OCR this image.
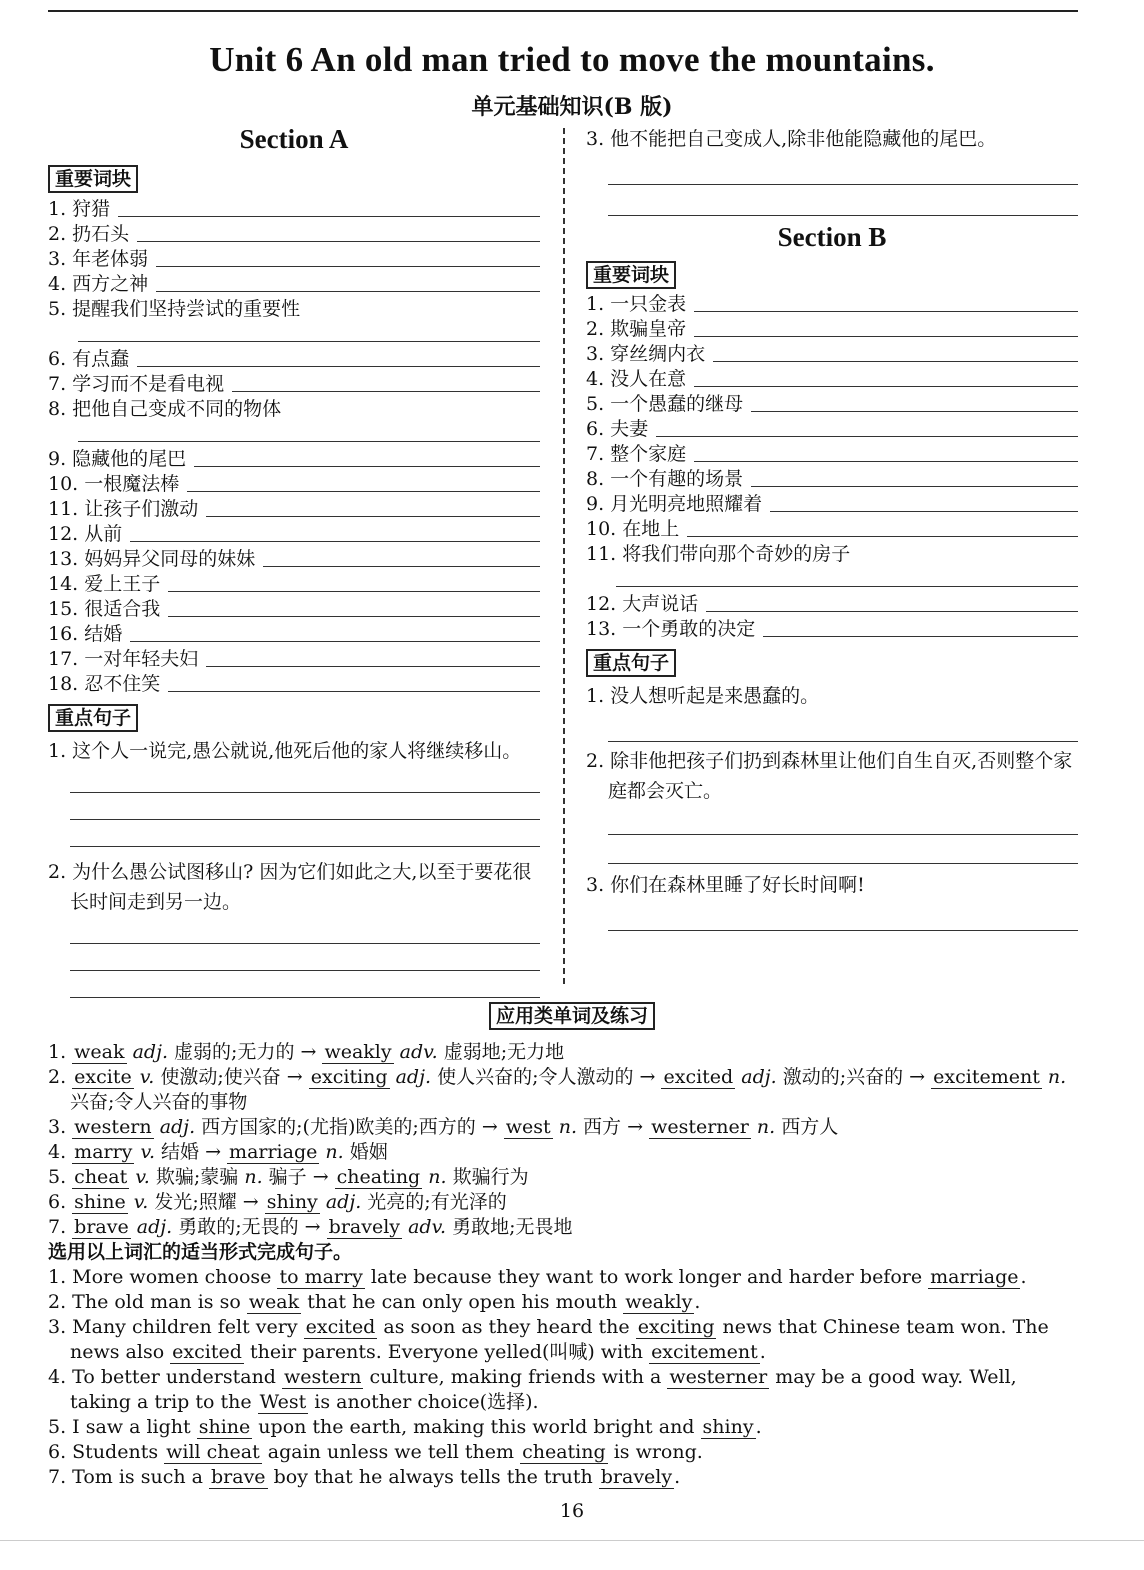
Unit 6 An old man tried to move the mountains.
单元基础知识(B 版)
Section A
重要词块
1. 狩猎
2. 扔石头
3. 年老体弱
4. 西方之神
5. 提醒我们坚持尝试的重要性
6. 有点蠢
7. 学习而不是看电视
8. 把他自己变成不同的物体
9. 隐藏他的尾巴
10. 一根魔法棒
11. 让孩子们激动
12. 从前
13. 妈妈异父同母的妹妹
14. 爱上王子
15. 很适合我
16. 结婚
17. 一对年轻夫妇
18. 忍不住笑
重点句子
1. 这个人一说完,愚公就说,他死后他的家人将继续移山。
2. 为什么愚公试图移山? 因为它们如此之大,以至于要花很长时间走到另一边。
3. 他不能把自己变成人,除非他能隐藏他的尾巴。
Section B
重要词块
1. 一只金表
2. 欺骗皇帝
3. 穿丝绸内衣
4. 没人在意
5. 一个愚蠢的继母
6. 夫妻
7. 整个家庭
8. 一个有趣的场景
9. 月光明亮地照耀着
10. 在地上
11. 将我们带向那个奇妙的房子
12. 大声说话
13. 一个勇敢的决定
重点句子
1. 没人想听起是来愚蠢的。
2. 除非他把孩子们扔到森林里让他们自生自灭,否则整个家庭都会灭亡。
3. 你们在森林里睡了好长时间啊!
应用类单词及练习
1. weak adj. 虚弱的;无力的 → weakly adv. 虚弱地;无力地
2. excite v. 使激动;使兴奋 → exciting adj. 使人兴奋的;令人激动的 → excited adj. 激动的;兴奋的 → excitement n. 兴奋;令人兴奋的事物
3. western adj. 西方国家的;(尤指)欧美的;西方的 → west n. 西方 → westerner n. 西方人
4. marry v. 结婚 → marriage n. 婚姻
5. cheat v. 欺骗;蒙骗 n. 骗子 → cheating n. 欺骗行为
6. shine v. 发光;照耀 → shiny adj. 光亮的;有光泽的
7. brave adj. 勇敢的;无畏的 → bravely adv. 勇敢地;无畏地
选用以上词汇的适当形式完成句子。
1. More women choose to marry late because they want to work longer and harder before marriage .
2. The old man is so weak that he can only open his mouth weakly .
3. Many children felt very excited as soon as they heard the exciting news that Chinese team won. The news also excited their parents. Everyone yelled(叫喊) with excitement .
4. To better understand western culture, making friends with a westerner may be a good way. Well, taking a trip to the West is another choice(选择).
5. I saw a light shine upon the earth, making this world bright and shiny .
6. Students will cheat again unless we tell them cheating is wrong.
7. Tom is such a brave boy that he always tells the truth bravely .
16
